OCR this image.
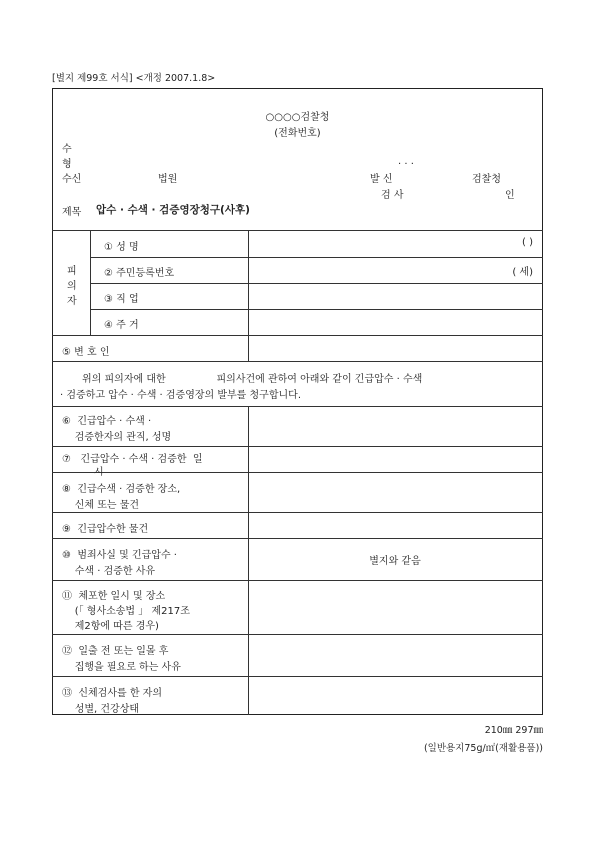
[별지 제99호 서식] <개정 2007.1.8>
○○○○검찰청
(전화번호)
수
형
수신	법원
. . .
발 신	검찰청
검 사	인
제목 압수 · 수색 · 검증영장청구(사후)
피
의
자
① 성 명	( )
② 주민등록번호	( 세)
③ 직 업
④ 주 거
⑤ 변 호 인
위의 피의자에 대한                피의사건에 관하여 아래와 같이 긴급압수 · 수색
· 검증하고 압수 · 수색 · 검증영장의 발부를 청구합니다.
⑥  긴급압수 · 수색 ·
검증한자의 관직, 성명
⑦   긴급압수 · 수색 · 검증한  일
시
⑧  긴급수색 · 검증한 장소,
신체 또는 물건
⑨  긴급압수한 물건
⑩  범죄사실 및 긴급압수 ·
수색 · 검증한 사유
별지와 같음
⑪  체포한 일시 및 장소
(「 형사소송법 」 제217조
제2항에 따른 경우)
⑫  일출 전 또는 일몰 후
집행을 필요로 하는 사유
⑬  신체검사를 한 자의
성별, 건강상태
210㎜ 297㎜
(일반용지75g/㎡(재활용품))
